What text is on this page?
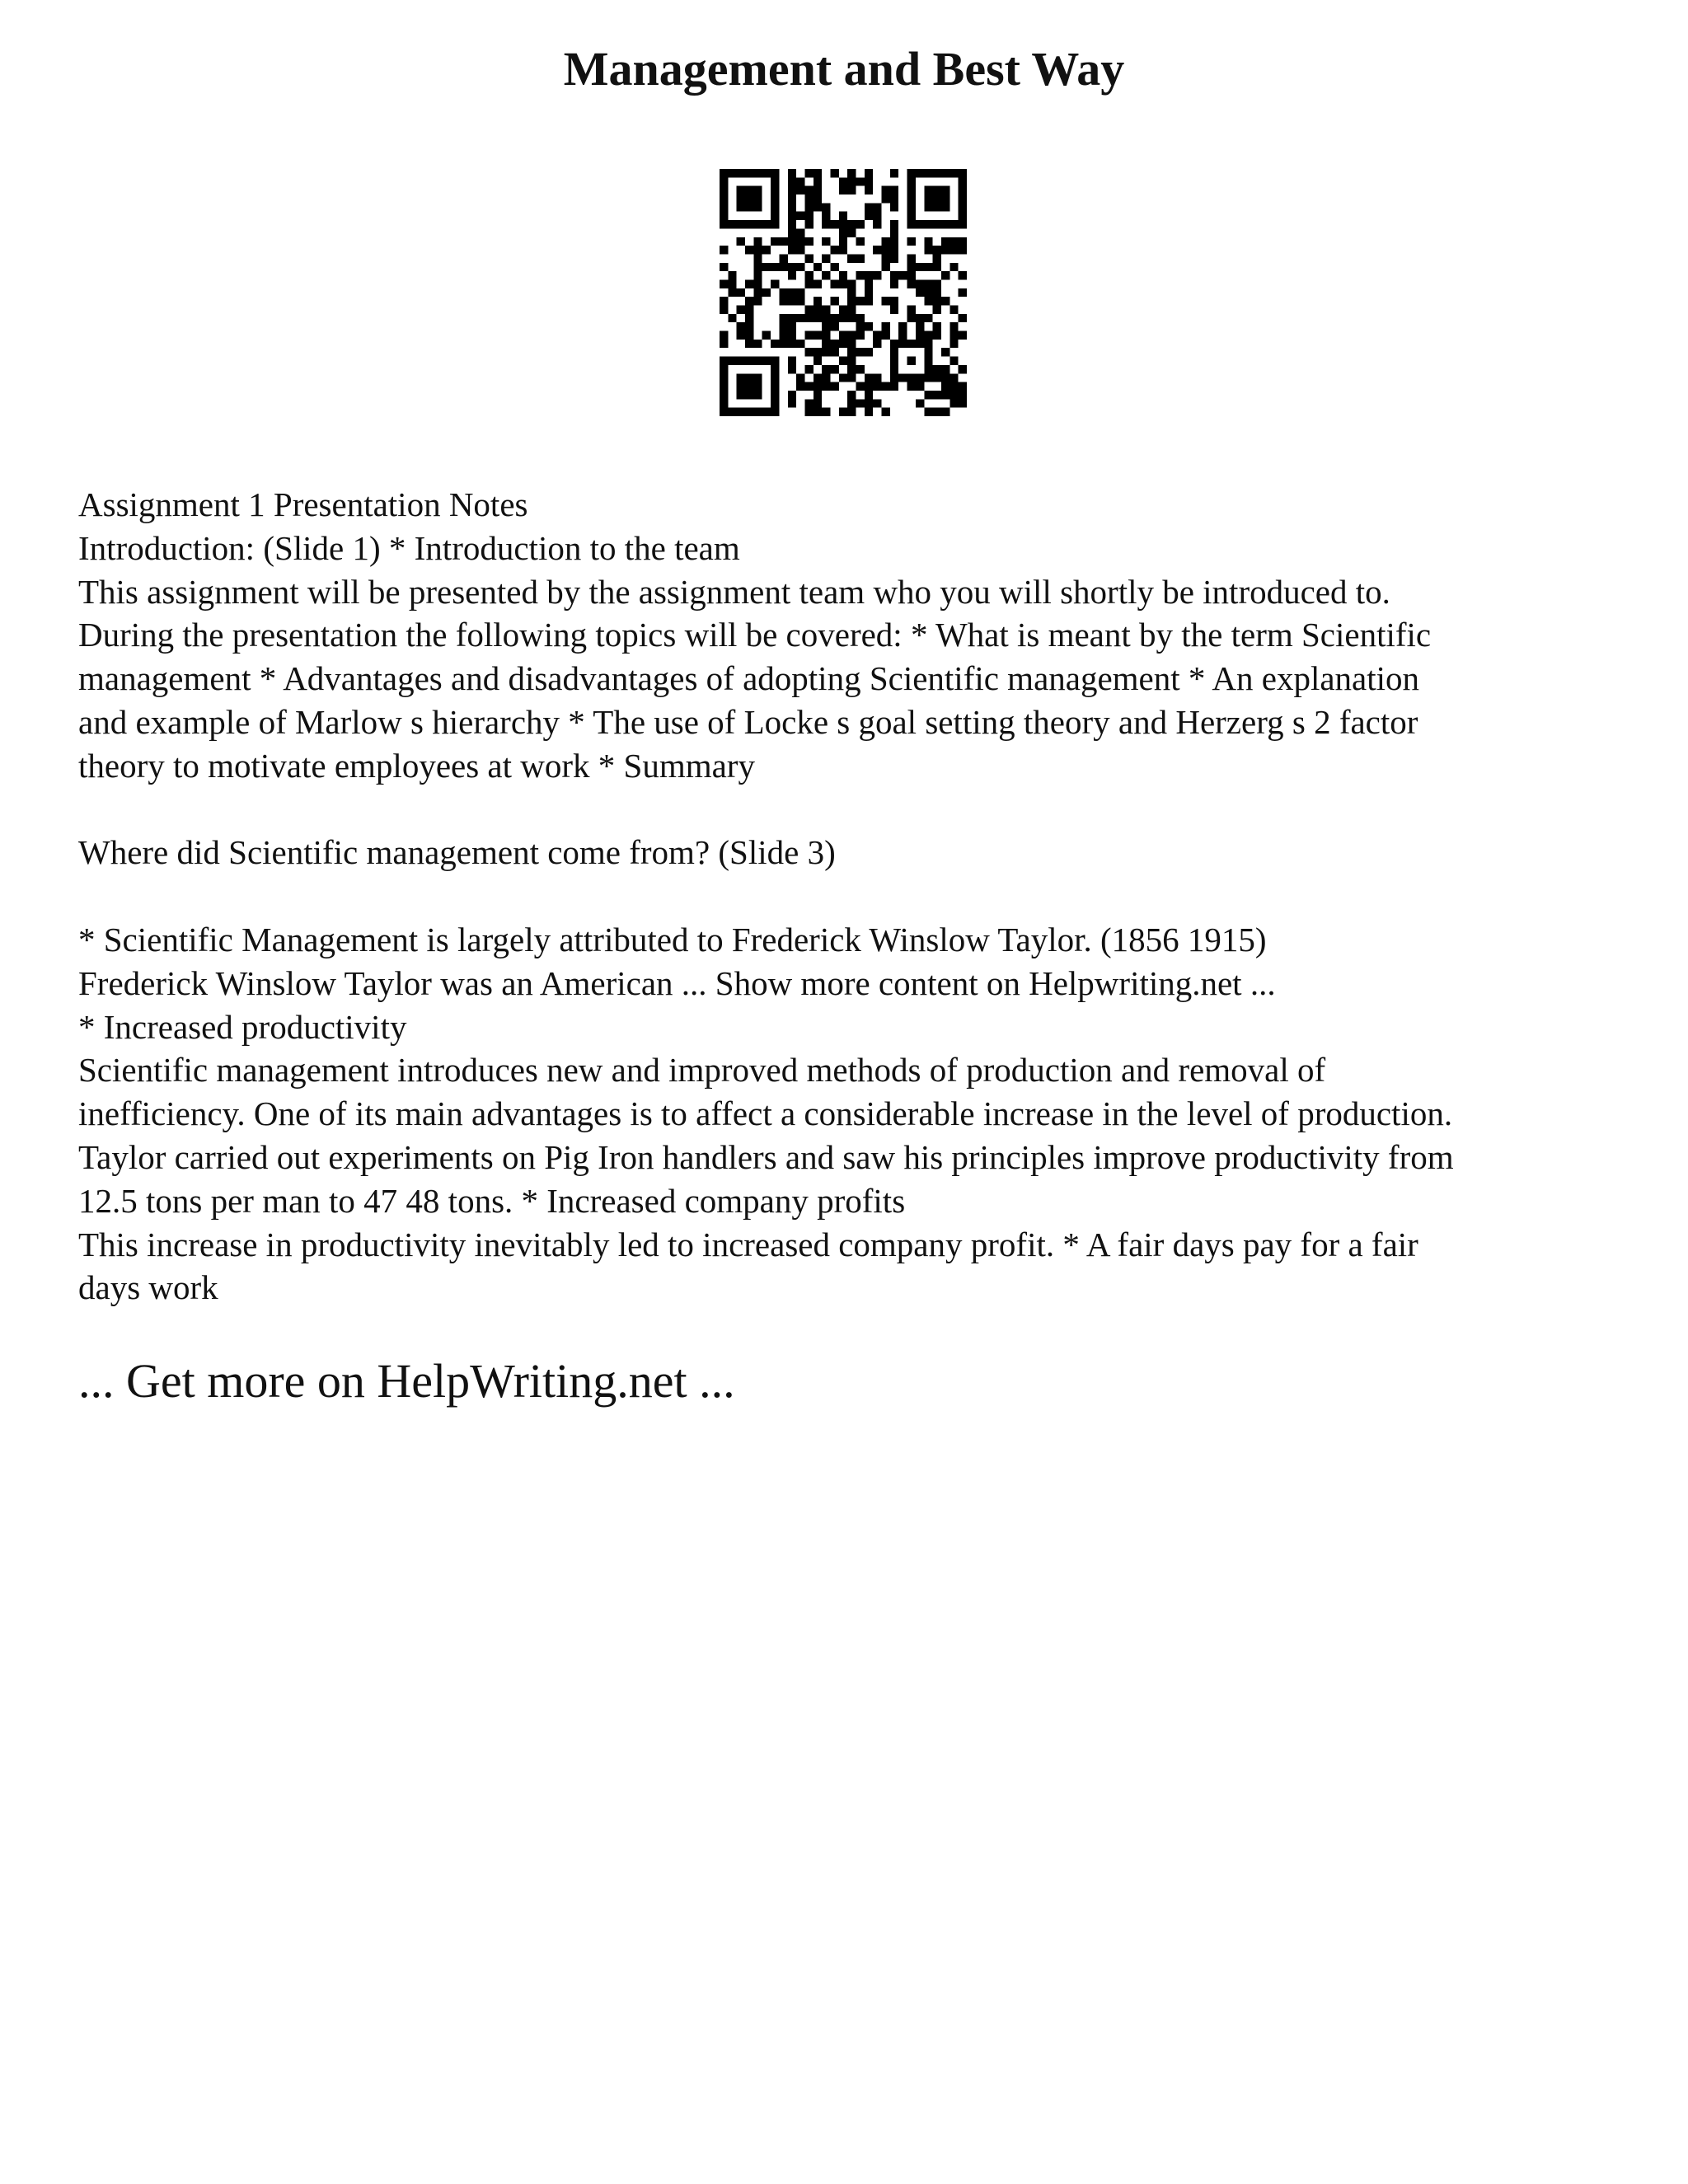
Management and Best Way
Assignment 1 Presentation Notes
Introduction: (Slide 1) * Introduction to the team
This assignment will be presented by the assignment team who you will shortly be introduced to.
During the presentation the following topics will be covered: * What is meant by the term Scientific
management * Advantages and disadvantages of adopting Scientific management * An explanation
and example of Marlow s hierarchy * The use of Locke s goal setting theory and Herzerg s 2 factor
theory to motivate employees at work * Summary
Where did Scientific management come from? (Slide 3)
* Scientific Management is largely attributed to Frederick Winslow Taylor. (1856 1915)
Frederick Winslow Taylor was an American ... Show more content on Helpwriting.net ...
* Increased productivity
Scientific management introduces new and improved methods of production and removal of
inefficiency. One of its main advantages is to affect a considerable increase in the level of production.
Taylor carried out experiments on Pig Iron handlers and saw his principles improve productivity from
12.5 tons per man to 47 48 tons. * Increased company profits
This increase in productivity inevitably led to increased company profit. * A fair days pay for a fair
days work
... Get more on HelpWriting.net ...
